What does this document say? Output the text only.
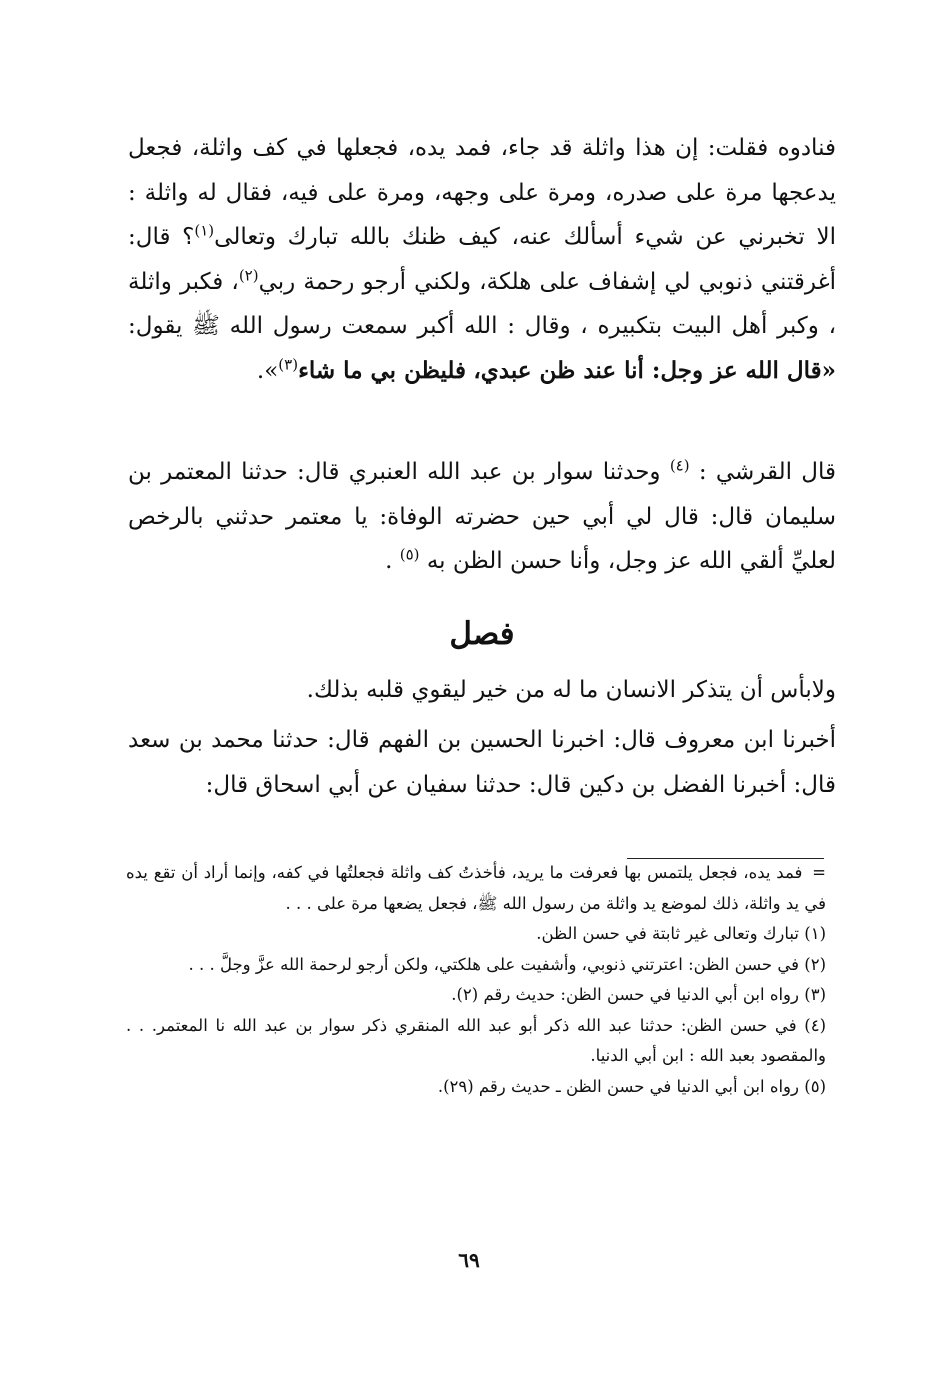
فنادوه فقلت: إن هذا واثلة قد جاء، فمد يده، فجعلها في كف واثلة، فجعل يدعجها مرة على صدره، ومرة على وجهه، ومرة على فيه، فقال له واثلة : الا تخبرني عن شيء أسألك عنه، كيف ظنك بالله تبارك وتعالى$^{(١)}$؟ قال: أغرقتني ذنوبي لي إشفاف على هلكة، ولكني أرجو رحمة ربي$^{(٢)}$، فكبر واثلة ، وكبر أهل البيت بتكبيره ، وقال : الله أكبر سمعت رسول الله ﷺ يقول: «قال الله عز وجل: أنا عند ظن عبدي، فليظن بي ما شاء$^{(٣)}$».
قال القرشي : $^{(٤)}$ وحدثنا سوار بن عبد الله العنبري قال: حدثنا المعتمر بن سليمان قال: قال لي أبي حين حضرته الوفاة: يا معتمر حدثني بالرخص لعليِّ ألقي الله عز وجل، وأنا حسن الظن به $^{(٥)}$ .
فصل
ولابأس أن يتذكر الانسان ما له من خير ليقوي قلبه بذلك.
أخبرنا ابن معروف قال: اخبرنا الحسين بن الفهم قال: حدثنا محمد بن سعد قال: أخبرنا الفضل بن دكين قال: حدثنا سفيان عن أبي اسحاق قال:

= فمد يده، فجعل يلتمس بها فعرفت ما يريد، فأخذتُ كف واثلة فجعلتُها في كفه، وإنما أراد أن تقع يده في يد واثلة، ذلك لموضع يد واثلة من رسول الله ﷺ، فجعل يضعها مرة على . . .

(١) تبارك وتعالى غير ثابتة في حسن الظن.

(٢) في حسن الظن: اعترتني ذنوبي، وأشفيت على هلكتي، ولكن أرجو لرحمة الله عزَّ وجلَّ . . .

(٣) رواه ابن أبي الدنيا في حسن الظن: حديث رقم (٢).

(٤) في حسن الظن: حدثنا عبد الله ذكر أبو عبد الله المنقري ذكر سوار بن عبد الله نا المعتمر. . . والمقصود بعبد الله : ابن أبي الدنيا.

(٥) رواه ابن أبي الدنيا في حسن الظن ـ حديث رقم (٢٩).

٦٩
